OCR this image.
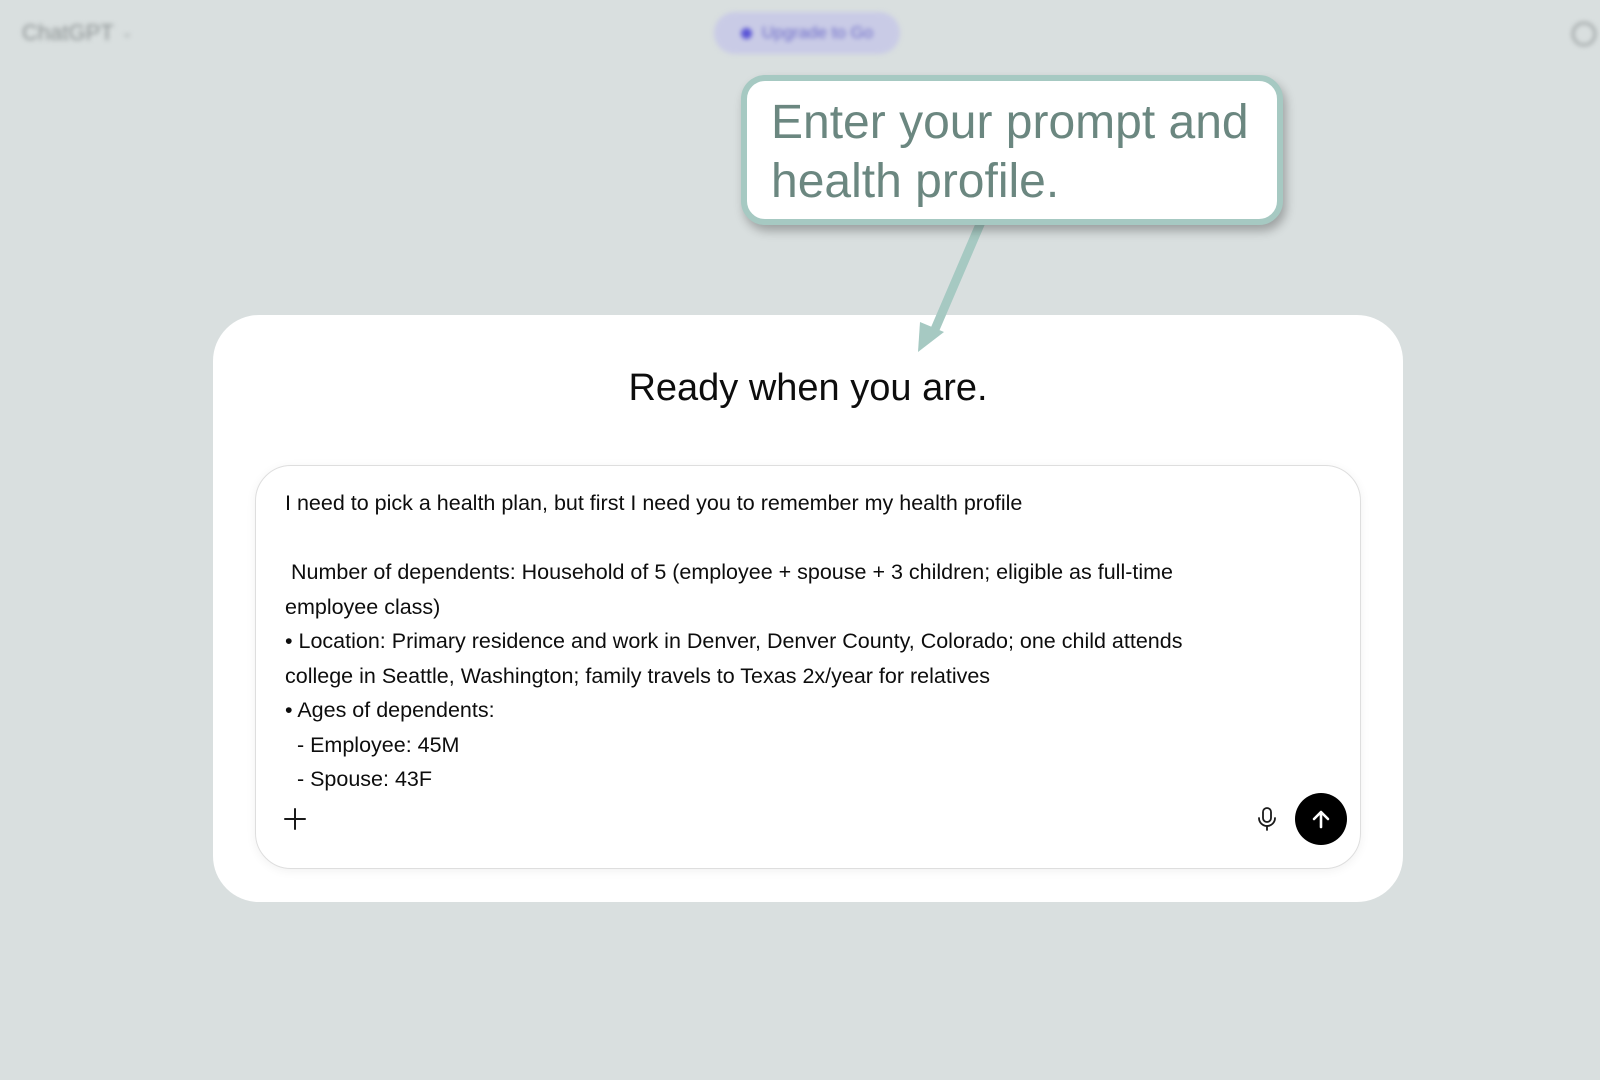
ChatGPT ⌄	Upgrade to Go
Ready when you are.
I need to pick a health plan, but first I need you to remember my health profile
Number of dependents: Household of 5 (employee + spouse + 3 children; eligible as full-time
employee class)
• Location: Primary residence and work in Denver, Denver County, Colorado; one child attends
college in Seattle, Washington; family travels to Texas 2x/year for relatives
• Ages of dependents:
- Employee: 45M
- Spouse: 43F
Enter your prompt and
health profile.
